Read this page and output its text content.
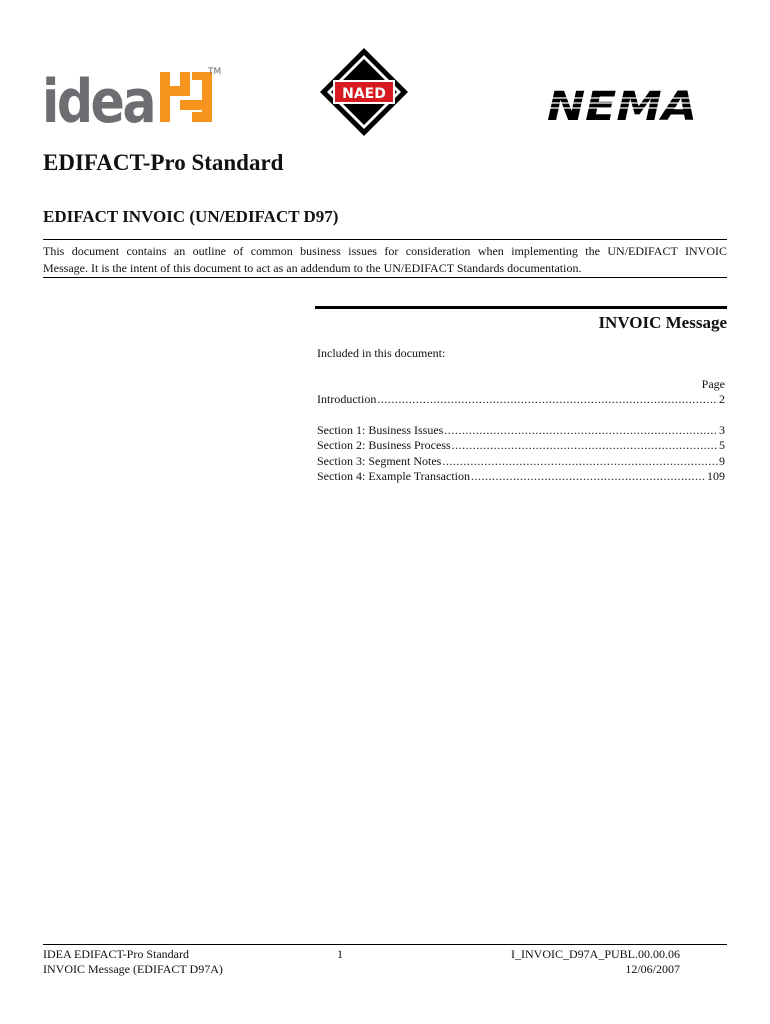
idea	TM
NAED	NEMA
EDIFACT-Pro Standard
EDIFACT INVOIC (UN/EDIFACT D97)
This document contains an outline of common business issues for consideration when implementing the UN/EDIFACT INVOIC
Message. It is the intent of this document to act as an addendum to the UN/EDIFACT Standards documentation.
INVOIC Message
Included in this document:
Page
Introduction .....	2
Section 1: Business Issues .....	3
Section 2: Business Process .....	5
Section 3: Segment Notes .....	9
Section 4: Example Transaction .....	109
IDEA EDIFACT-Pro Standard
INVOIC Message (EDIFACT D97A)
1	I_INVOIC_D97A_PUBL.00.00.06
12/06/2007
